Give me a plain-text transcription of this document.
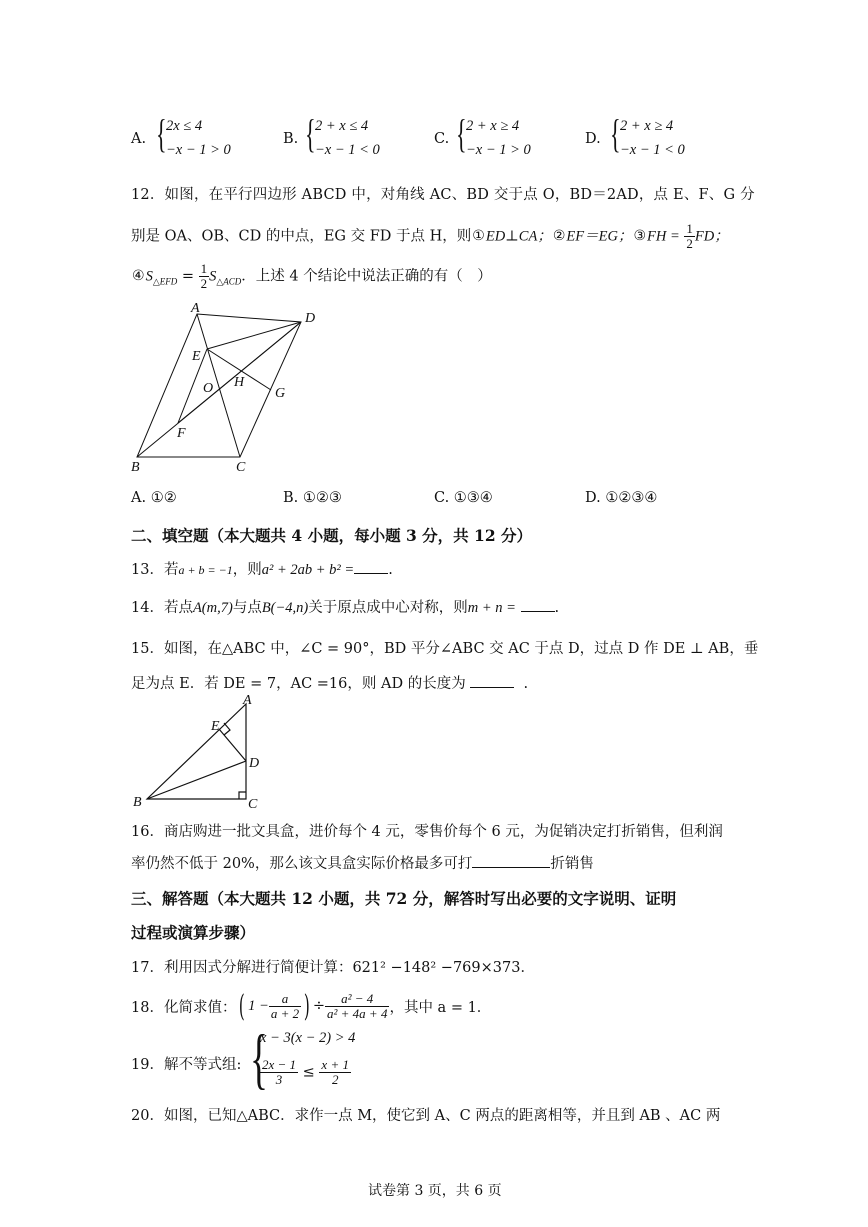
A. { 2x ≤ 4
−x − 1 > 0
B. { 2 + x ≤ 4
−x − 1 < 0
C. { 2 + x ≥ 4
−x − 1 > 0
D. { 2 + x ≥ 4
−x − 1 < 0
12．如图，在平行四边形 ABCD 中，对角线 AC、BD 交于点 O，BD＝2AD，点 E、F、G 分
别是 OA、OB、CD 的中点，EG 交 FD 于点 H，则①ED⊥CA；②EF＝EG；③FH = $\frac{1}{2}$ FD；
$④S_{\triangle EFD} = \frac{1}{2} S_{\triangle ACD}$．上述 4 个结论中说法正确的有（　）
A
D
E
O H
G
F
B	C
A. ①②	B. ①②③	C. ①③④	D. ①②③④
二、填空题（本大题共 4 小题，每小题 3 分，共 12 分）
13．若a + b = −1，则a² + 2ab + b² = .
14．若点A(m,7)与点B(−4,n)关于原点成中心对称，则m + n =	.
15．如图，在△ABC 中，∠C = 90°，BD 平分∠ABC 交 AC 于点 D，过点 D 作 DE ⊥ AB，垂
足为点 E．若 DE = 7，AC =16，则 AD 的长度为	.
A
E
D
B	C
16．商店购进一批文具盒，进价每个 4 元，零售价每个 6 元，为促销决定打折销售，但利润
率仍然不低于 20%，那么该文具盒实际价格最多可打	折销售
三、解答题（本大题共 12 小题，共 72 分，解答时写出必要的文字说明、证明
过程或演算步骤）
17．利用因式分解进行简便计算：621² −148² −769×373．
18．化简求值： ( $1 - \frac{a}{a + 2}$ ) ÷ $\frac{\text{a² − 4}}{\text{a² + 4a + 4}}$ ，其中 a = 1．
19．解不等式组: {
x − 3(x − 2) > 4
$\frac{2x - 1}{3} \le \frac{x + 1}{2}$
20．如图，已知△ABC．求作一点 M，使它到 A、C 两点的距离相等，并且到 AB 、AC 两
试卷第 3 页，共 6 页
